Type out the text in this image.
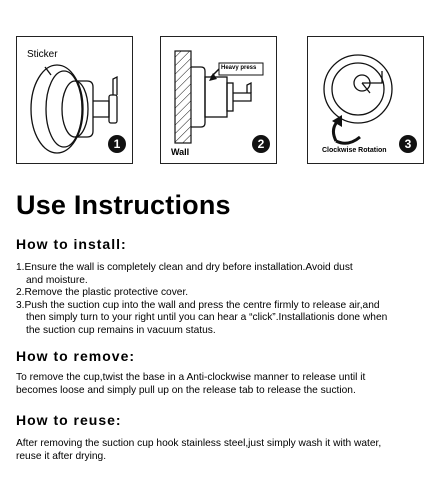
Sticker
1
Heavy press
Wall
2	Clockwise Rotation	3
Use Instructions
How to install:
1.Ensure the wall is completely clean and dry before installation.Avoid dust
and moisture.
2.Remove the plastic protective cover.
3.Push the suction cup into the wall and press the centre firmly to release air,and
then simply turn to your right until you can hear a “click”.Installationis done when
the suction cup remains in vacuum status.
How to remove:
To remove the cup,twist the base in a Anti-clockwise manner to release until it
becomes loose and simply pull up on the release tab to release the suction.
How to reuse:
After removing the suction cup hook stainless steel,just simply wash it with water,
reuse it after drying.
